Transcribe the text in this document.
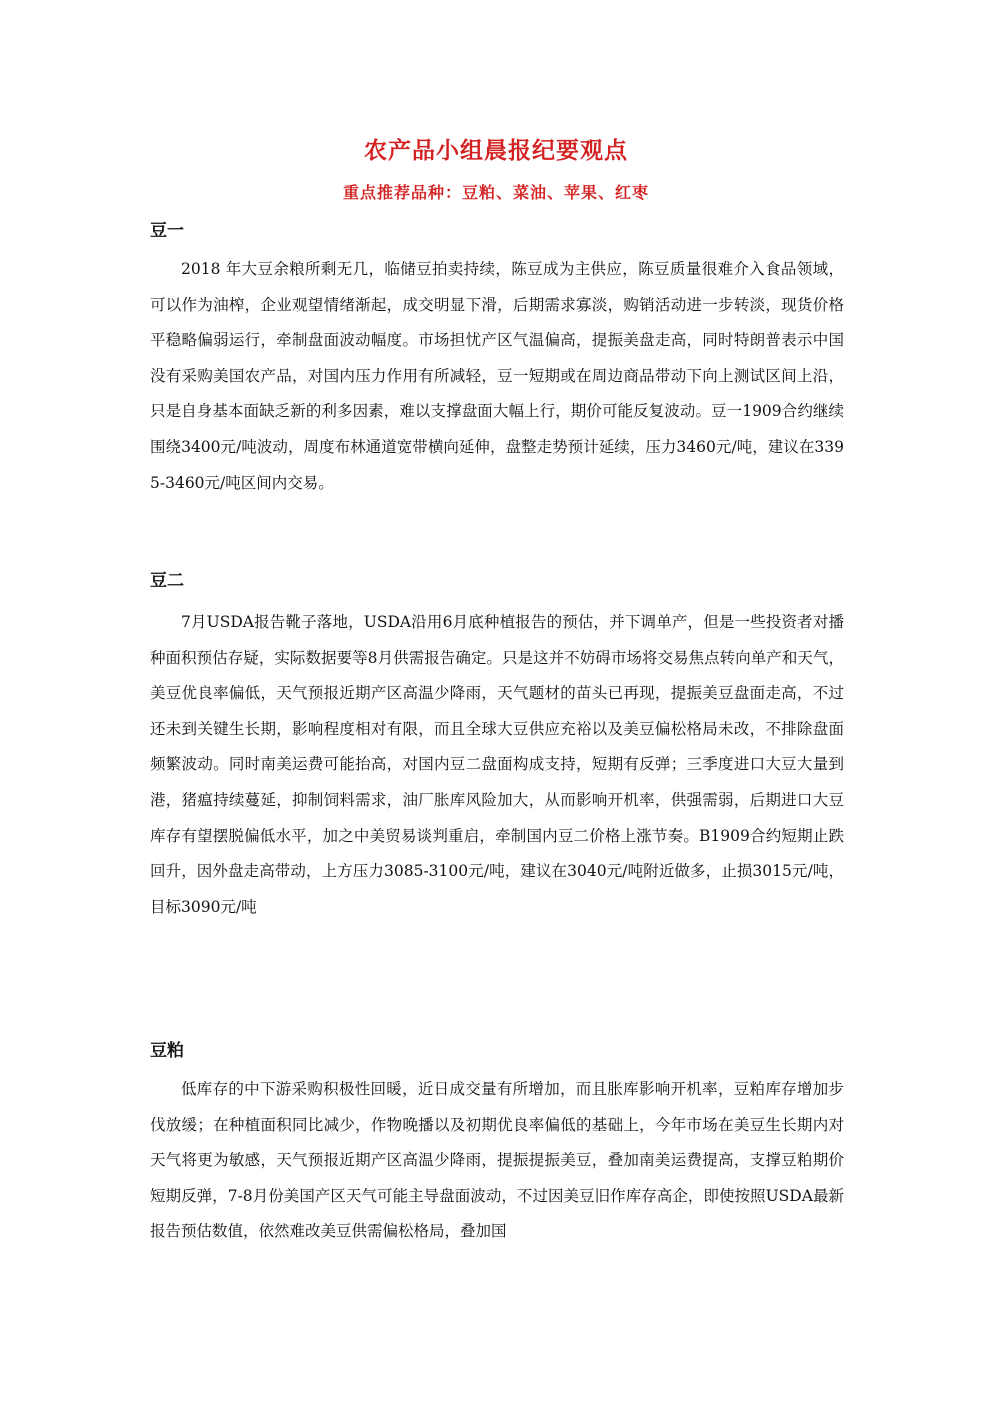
农产品小组晨报纪要观点
重点推荐品种：豆粕、菜油、苹果、红枣
豆一

2018 年大豆余粮所剩无几，临储豆拍卖持续，陈豆成为主供应，陈豆质量很难介入食品领域，可以作为油榨，企业观望情绪渐起，成交明显下滑，后期需求寡淡，购销活动进一步转淡，现货价格平稳略偏弱运行，牵制盘面波动幅度。市场担忧产区气温偏高，提振美盘走高，同时特朗普表示中国没有采购美国农产品，对国内压力作用有所减轻，豆一短期或在周边商品带动下向上测试区间上沿，只是自身基本面缺乏新的利多因素，难以支撑盘面大幅上行，期价可能反复波动。豆一1909合约继续围绕3400元/吨波动，周度布林通道宽带横向延伸，盘整走势预计延续，压力3460元/吨，建议在3395-3460元/吨区间内交易。

豆二

7月USDA报告靴子落地，USDA沿用6月底种植报告的预估，并下调单产，但是一些投资者对播种面积预估存疑，实际数据要等8月供需报告确定。只是这并不妨碍市场将交易焦点转向单产和天气，美豆优良率偏低，天气预报近期产区高温少降雨，天气题材的苗头已再现，提振美豆盘面走高，不过还未到关键生长期，影响程度相对有限，而且全球大豆供应充裕以及美豆偏松格局未改，不排除盘面频繁波动。同时南美运费可能抬高，对国内豆二盘面构成支持，短期有反弹；三季度进口大豆大量到港，猪瘟持续蔓延，抑制饲料需求，油厂胀库风险加大，从而影响开机率，供强需弱，后期进口大豆库存有望摆脱偏低水平，加之中美贸易谈判重启，牵制国内豆二价格上涨节奏。B1909合约短期止跌回升，因外盘走高带动，上方压力3085-3100元/吨，建议在3040元/吨附近做多，止损3015元/吨，目标3090元/吨

豆粕

低库存的中下游采购积极性回暖，近日成交量有所增加，而且胀库影响开机率，豆粕库存增加步伐放缓；在种植面积同比减少，作物晚播以及初期优良率偏低的基础上，今年市场在美豆生长期内对天气将更为敏感，天气预报近期产区高温少降雨，提振提振美豆，叠加南美运费提高，支撑豆粕期价短期反弹，7-8月份美国产区天气可能主导盘面波动，不过因美豆旧作库存高企，即使按照USDA最新报告预估数值，依然难改美豆供需偏松格局，叠加国
